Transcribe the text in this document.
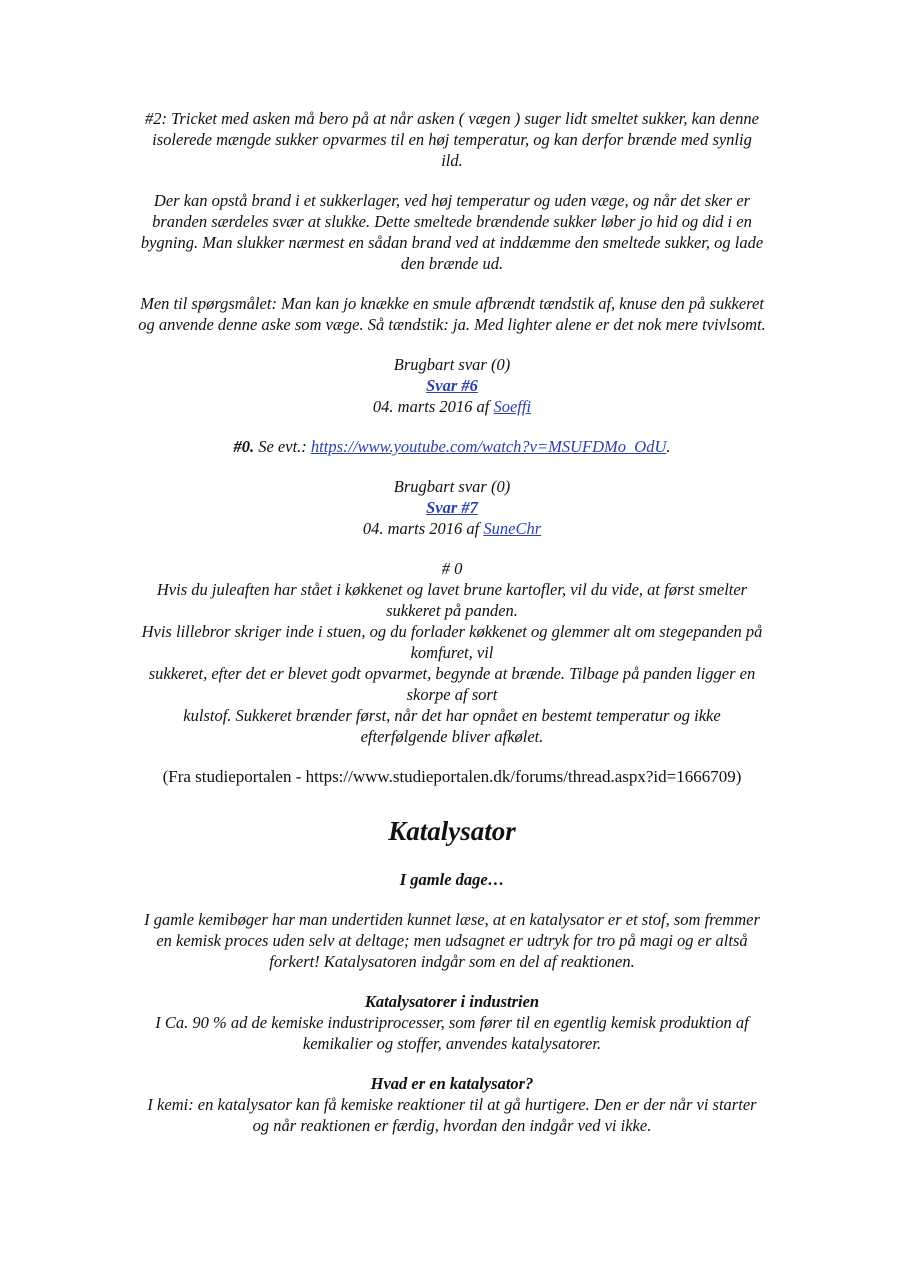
#2: Tricket med asken må bero på at når asken ( vægen ) suger lidt smeltet sukker, kan denne
isolerede mængde sukker opvarmes til en høj temperatur, og kan derfor brænde med synlig
ild.
Der kan opstå brand i et sukkerlager, ved høj temperatur og uden væge, og når det sker er
branden særdeles svær at slukke. Dette smeltede brændende sukker løber jo hid og did i en
bygning. Man slukker nærmest en sådan brand ved at inddæmme den smeltede sukker, og lade
den brænde ud.
Men til spørgsmålet: Man kan jo knække en smule afbrændt tændstik af, knuse den på sukkeret
og anvende denne aske som væge. Så tændstik: ja. Med lighter alene er det nok mere tvivlsomt.
Brugbart svar (0)
Svar #6
04. marts 2016 af Soeffi
#0. Se evt.: https://www.youtube.com/watch?v=MSUFDMo_OdU.
Brugbart svar (0)
Svar #7
04. marts 2016 af SuneChr
# 0
Hvis du juleaften har stået i køkkenet og lavet brune kartofler, vil du vide, at først smelter
sukkeret på panden.
Hvis lillebror skriger inde i stuen, og du forlader køkkenet og glemmer alt om stegepanden på
komfuret, vil
sukkeret, efter det er blevet godt opvarmet, begynde at brænde. Tilbage på panden ligger en
skorpe af sort
kulstof. Sukkeret brænder først, når det har opnået en bestemt temperatur og ikke
efterfølgende bliver afkølet.
(Fra studieportalen - https://www.studieportalen.dk/forums/thread.aspx?id=1666709)
Katalysator
I gamle dage…
I gamle kemibøger har man undertiden kunnet læse, at en katalysator er et stof, som fremmer
en kemisk proces uden selv at deltage; men udsagnet er udtryk for tro på magi og er altså
forkert! Katalysatoren indgår som en del af reaktionen.
Katalysatorer i industrien
I Ca. 90 % ad de kemiske industriprocesser, som fører til en egentlig kemisk produktion af
kemikalier og stoffer, anvendes katalysatorer.
Hvad er en katalysator?
I kemi: en katalysator kan få kemiske reaktioner til at gå hurtigere. Den er der når vi starter
og når reaktionen er færdig, hvordan den indgår ved vi ikke.
